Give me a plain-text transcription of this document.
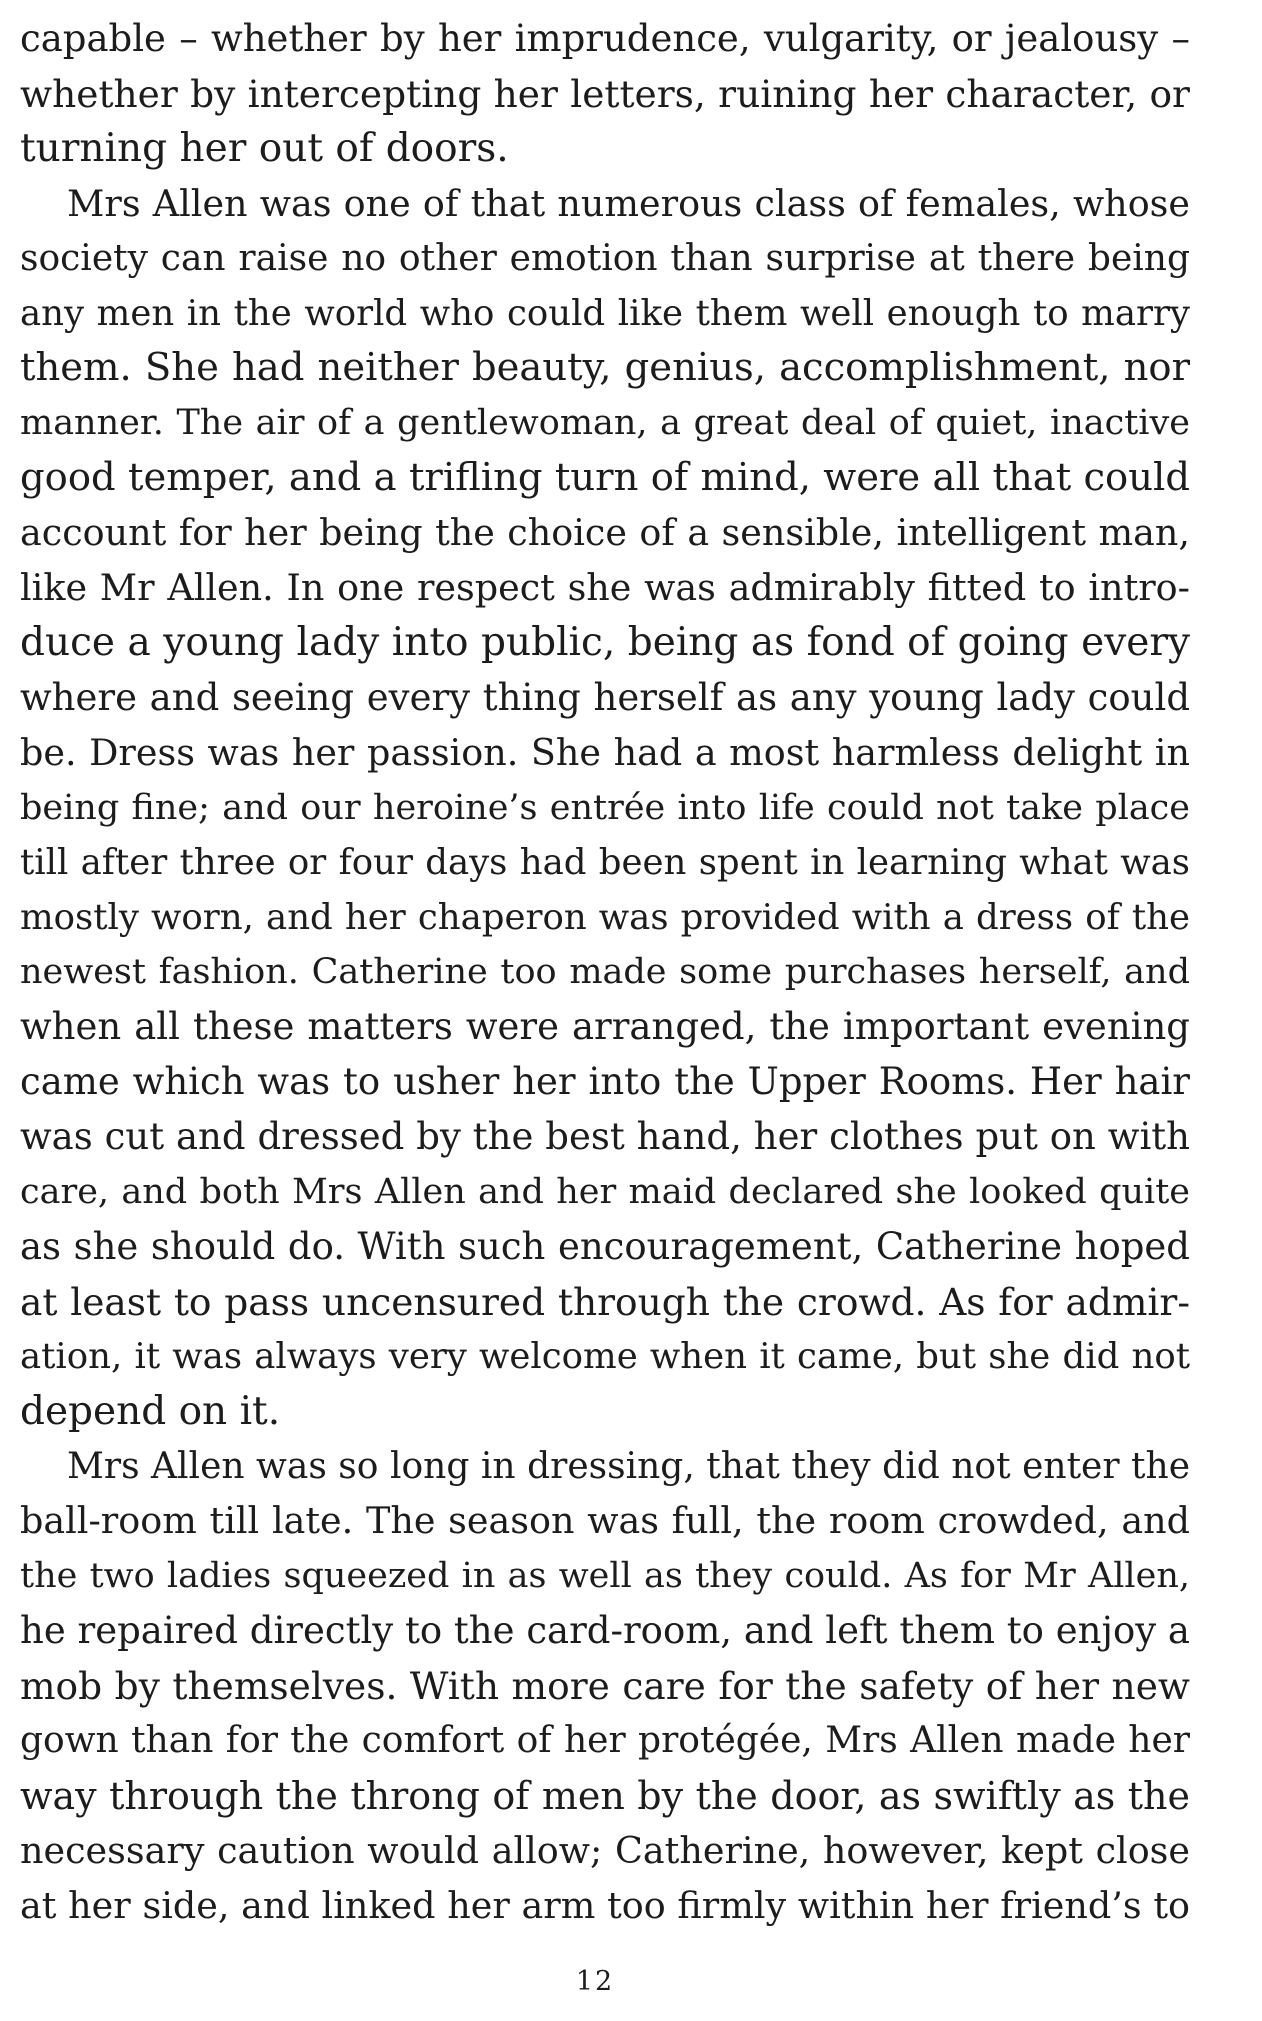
capable – whether by her imprudence, vulgarity, or jealousy –
whether by intercepting her letters, ruining her character, or
turning her out of doors.
Mrs Allen was one of that numerous class of females, whose
society can raise no other emotion than surprise at there being
any men in the world who could like them well enough to marry
them. She had neither beauty, genius, accomplishment, nor
manner. The air of a gentlewoman, a great deal of quiet, inactive
good temper, and a trifling turn of mind, were all that could
account for her being the choice of a sensible, intelligent man,
like Mr Allen. In one respect she was admirably fitted to intro-
duce a young lady into public, being as fond of going every
where and seeing every thing herself as any young lady could
be. Dress was her passion. She had a most harmless delight in
being fine; and our heroine’s entrée into life could not take place
till after three or four days had been spent in learning what was
mostly worn, and her chaperon was provided with a dress of the
newest fashion. Catherine too made some purchases herself, and
when all these matters were arranged, the important evening
came which was to usher her into the Upper Rooms. Her hair
was cut and dressed by the best hand, her clothes put on with
care, and both Mrs Allen and her maid declared she looked quite
as she should do. With such encouragement, Catherine hoped
at least to pass uncensured through the crowd. As for admir-
ation, it was always very welcome when it came, but she did not
depend on it.
Mrs Allen was so long in dressing, that they did not enter the
ball-room till late. The season was full, the room crowded, and
the two ladies squeezed in as well as they could. As for Mr Allen,
he repaired directly to the card-room, and left them to enjoy a
mob by themselves. With more care for the safety of her new
gown than for the comfort of her protégée, Mrs Allen made her
way through the throng of men by the door, as swiftly as the
necessary caution would allow; Catherine, however, kept close
at her side, and linked her arm too firmly within her friend’s to
12
